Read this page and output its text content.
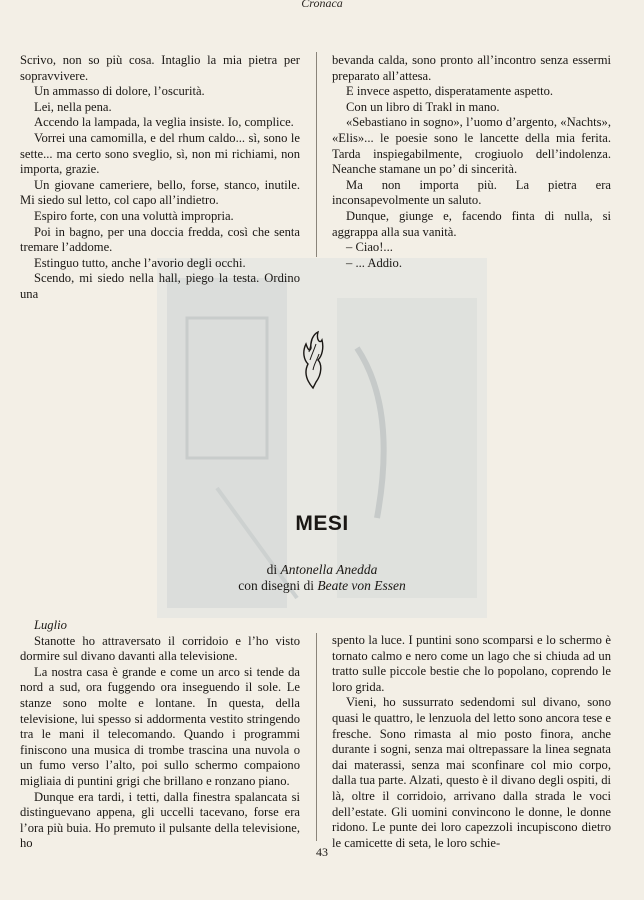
Cronaca

Scrivo, non so più cosa. Intaglio la mia pietra per sopravvivere.

Un ammasso di dolore, l’oscurità.

Lei, nella pena.

Accendo la lampada, la veglia insiste. Io, complice.

Vorrei una camomilla, e del rhum caldo... sì, sono le sette... ma certo sono sveglio, sì, non mi richiami, non importa, grazie.

Un giovane cameriere, bello, forse, stanco, inutile. Mi siedo sul letto, col capo all’indietro.

Espiro forte, con una voluttà impropria.

Poi in bagno, per una doccia fredda, così che senta tremare l’addome.

Estinguo tutto, anche l’avorio degli occhi.

Scendo, mi siedo nella hall, piego la testa. Ordino una

bevanda calda, sono pronto all’incontro senza essermi preparato all’attesa.

E invece aspetto, disperatamente aspetto.

Con un libro di Trakl in mano.

«Sebastiano in sogno», l’uomo d’argento, «Nachts», «Elis»... le poesie sono le lancette della mia ferita. Tarda inspiegabilmente, crogiuolo dell’indolenza. Neanche stamane un po’ di sincerità.

Ma non importa più. La pietra era inconsapevolmente un saluto.

Dunque, giunge e, facendo finta di nulla, si aggrappa alla sua vanità.

– Ciao!...

– ... Addio.

MESI
di Antonella Anedda
con disegni di Beate von Essen

Luglio

Stanotte ho attraversato il corridoio e l’ho visto dormire sul divano davanti alla televisione.

La nostra casa è grande e come un arco si tende da nord a sud, ora fuggendo ora inseguendo il sole. Le stanze sono molte e lontane. In questa, della televisione, lui spesso si addormenta vestito stringendo tra le mani il telecomando. Quando i programmi finiscono una musica di trombe trascina una nuvola o un fumo verso l’alto, poi sullo schermo compaiono migliaia di puntini grigi che brillano e ronzano piano.

Dunque era tardi, i tetti, dalla finestra spalancata si distinguevano appena, gli uccelli tacevano, forse era l’ora più buia. Ho premuto il pulsante della televisione, ho

spento la luce. I puntini sono scomparsi e lo schermo è tornato calmo e nero come un lago che si chiuda ad un tratto sulle piccole bestie che lo popolano, coprendo le loro grida.

Vieni, ho sussurrato sedendomi sul divano, sono quasi le quattro, le lenzuola del letto sono ancora tese e fresche. Sono rimasta al mio posto finora, anche durante i sogni, senza mai oltrepassare la linea segnata dai materassi, senza mai sconfinare col mio corpo, dalla tua parte. Alzati, questo è il divano degli ospiti, di là, oltre il corridoio, arrivano dalla strada le voci dell’estate. Gli uomini convincono le donne, le donne ridono. Le punte dei loro capezzoli incupiscono dietro le camicette di seta, le loro schie-

43
